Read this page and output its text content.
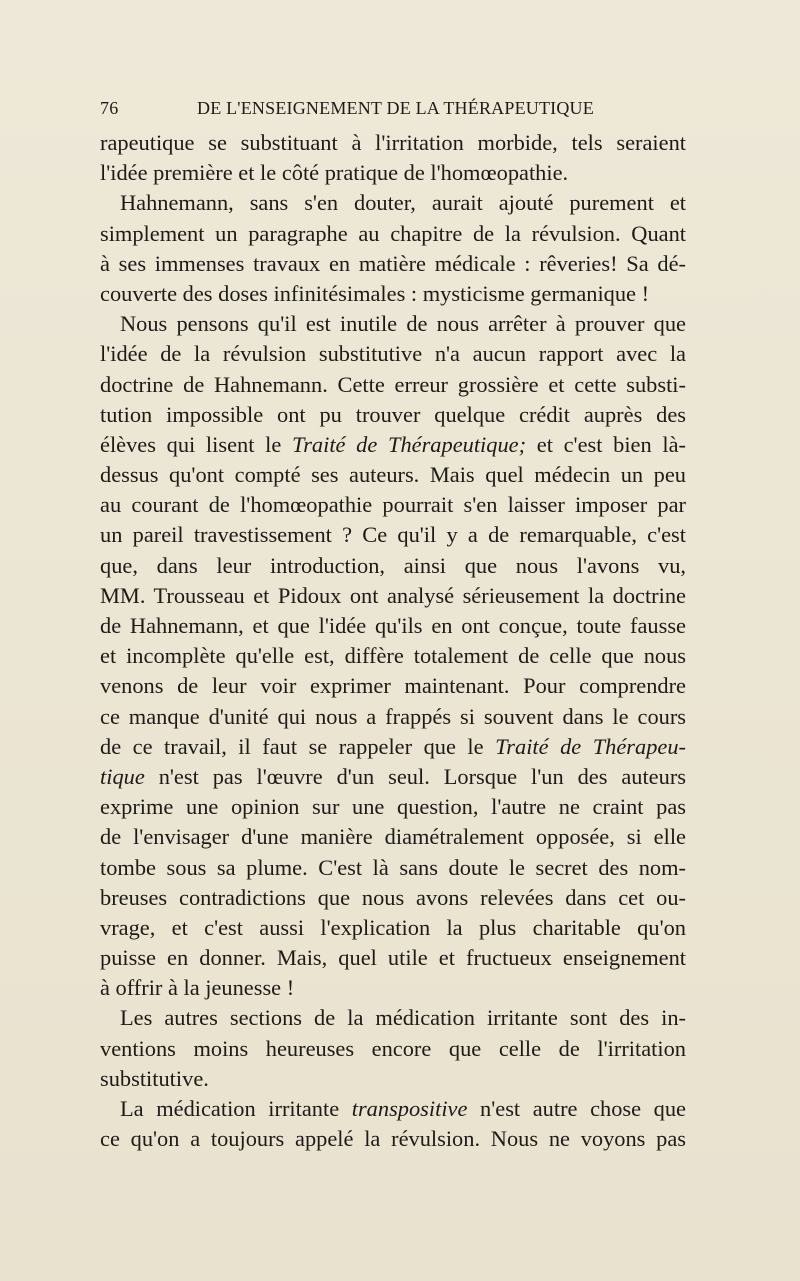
76	DE L'ENSEIGNEMENT DE LA THÉRAPEUTIQUE
rapeutique se substituant à l'irritation morbide, tels seraient
l'idée première et le côté pratique de l'homœopathie.
Hahnemann, sans s'en douter, aurait ajouté purement et
simplement un paragraphe au chapitre de la révulsion. Quant
à ses immenses travaux en matière médicale : rêveries! Sa dé-
couverte des doses infinitésimales : mysticisme germanique !
Nous pensons qu'il est inutile de nous arrêter à prouver que
l'idée de la révulsion substitutive n'a aucun rapport avec la
doctrine de Hahnemann. Cette erreur grossière et cette substi-
tution impossible ont pu trouver quelque crédit auprès des
élèves qui lisent le Traité de Thérapeutique; et c'est bien là-
dessus qu'ont compté ses auteurs. Mais quel médecin un peu
au courant de l'homœopathie pourrait s'en laisser imposer par
un pareil travestissement ? Ce qu'il y a de remarquable, c'est
que, dans leur introduction, ainsi que nous l'avons vu,
MM. Trousseau et Pidoux ont analysé sérieusement la doctrine
de Hahnemann, et que l'idée qu'ils en ont conçue, toute fausse
et incomplète qu'elle est, diffère totalement de celle que nous
venons de leur voir exprimer maintenant. Pour comprendre
ce manque d'unité qui nous a frappés si souvent dans le cours
de ce travail, il faut se rappeler que le Traité de Thérapeu-
tique n'est pas l'œuvre d'un seul. Lorsque l'un des auteurs
exprime une opinion sur une question, l'autre ne craint pas
de l'envisager d'une manière diamétralement opposée, si elle
tombe sous sa plume. C'est là sans doute le secret des nom-
breuses contradictions que nous avons relevées dans cet ou-
vrage, et c'est aussi l'explication la plus charitable qu'on
puisse en donner. Mais, quel utile et fructueux enseignement
à offrir à la jeunesse !
Les autres sections de la médication irritante sont des in-
ventions moins heureuses encore que celle de l'irritation
substitutive.
La médication irritante transpositive n'est autre chose que
ce qu'on a toujours appelé la révulsion. Nous ne voyons pas
